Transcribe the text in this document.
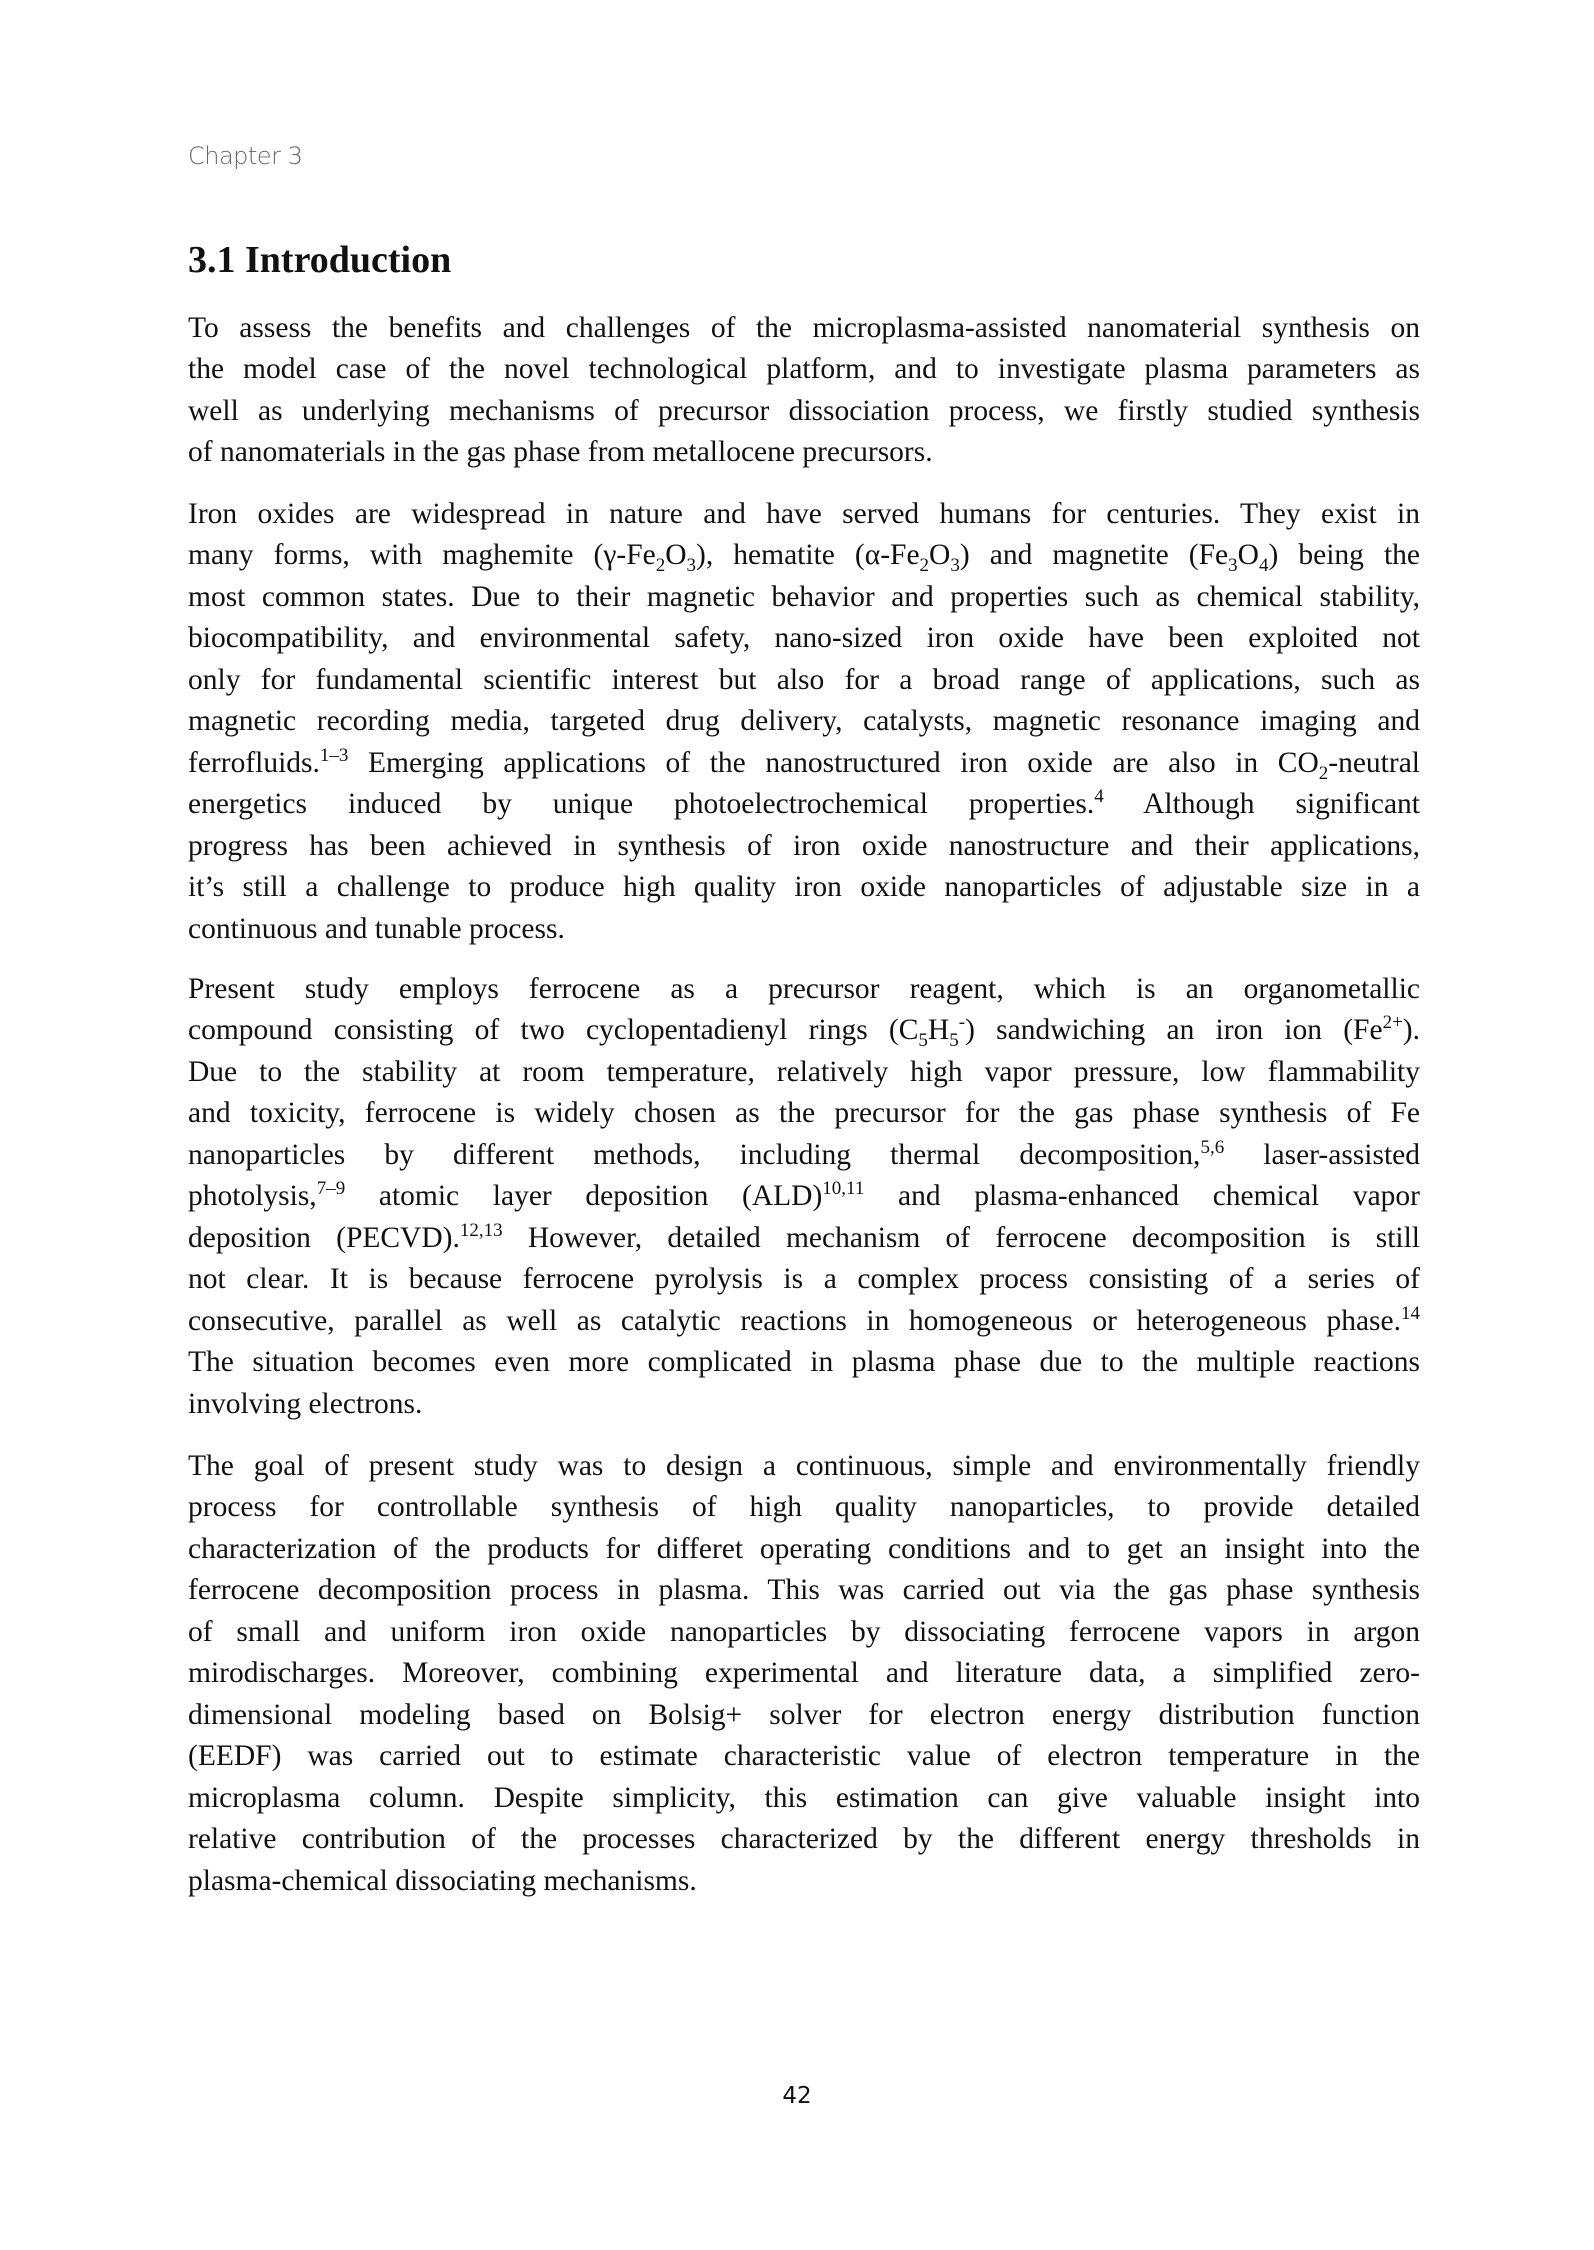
Chapter 3
3.1 Introduction
To assess the benefits and challenges of the microplasma-assisted nanomaterial synthesis on
the model case of the novel technological platform, and to investigate plasma parameters as
well as underlying mechanisms of precursor dissociation process, we firstly studied synthesis
of nanomaterials in the gas phase from metallocene precursors.
Iron oxides are widespread in nature and have served humans for centuries. They exist in
many forms, with maghemite $(\gamma-Fe_2O_3)$, hematite $(\alpha-Fe_2O_3)$ and magnetite $(Fe_3O_4)$ being the
most common states. Due to their magnetic behavior and properties such as chemical stability,
biocompatibility, and environmental safety, nano-sized iron oxide have been exploited not
only for fundamental scientific interest but also for a broad range of applications, such as
magnetic recording media, targeted drug delivery, catalysts, magnetic resonance imaging and
ferrofluids.$^{1-3}$ Emerging applications of the nanostructured iron oxide are also in $CO_2$-neutral
energetics induced by unique photoelectrochemical properties.$^4$ Although significant
progress has been achieved in synthesis of iron oxide nanostructure and their applications,
it’s still a challenge to produce high quality iron oxide nanoparticles of adjustable size in a
continuous and tunable process.
Present study employs ferrocene as a precursor reagent, which is an organometallic
compound consisting of two cyclopentadienyl rings $(C_5H_5^-)$ sandwiching an iron ion $(Fe^{2+})$.
Due to the stability at room temperature, relatively high vapor pressure, low flammability
and toxicity, ferrocene is widely chosen as the precursor for the gas phase synthesis of Fe
nanoparticles by different methods, including thermal decomposition,$^{5,6}$ laser-assisted
photolysis,$^{7-9}$ atomic layer deposition (ALD)$^{10,11}$ and plasma-enhanced chemical vapor
deposition (PECVD).$^{12,13}$ However, detailed mechanism of ferrocene decomposition is still
not clear. It is because ferrocene pyrolysis is a complex process consisting of a series of
consecutive, parallel as well as catalytic reactions in homogeneous or heterogeneous phase.$^{14}$
The situation becomes even more complicated in plasma phase due to the multiple reactions
involving electrons.
The goal of present study was to design a continuous, simple and environmentally friendly
process for controllable synthesis of high quality nanoparticles, to provide detailed
characterization of the products for differet operating conditions and to get an insight into the
ferrocene decomposition process in plasma. This was carried out via the gas phase synthesis
of small and uniform iron oxide nanoparticles by dissociating ferrocene vapors in argon
mirodischarges. Moreover, combining experimental and literature data, a simplified zero-
dimensional modeling based on Bolsig+ solver for electron energy distribution function
(EEDF) was carried out to estimate characteristic value of electron temperature in the
microplasma column. Despite simplicity, this estimation can give valuable insight into
relative contribution of the processes characterized by the different energy thresholds in
plasma-chemical dissociating mechanisms.
42
